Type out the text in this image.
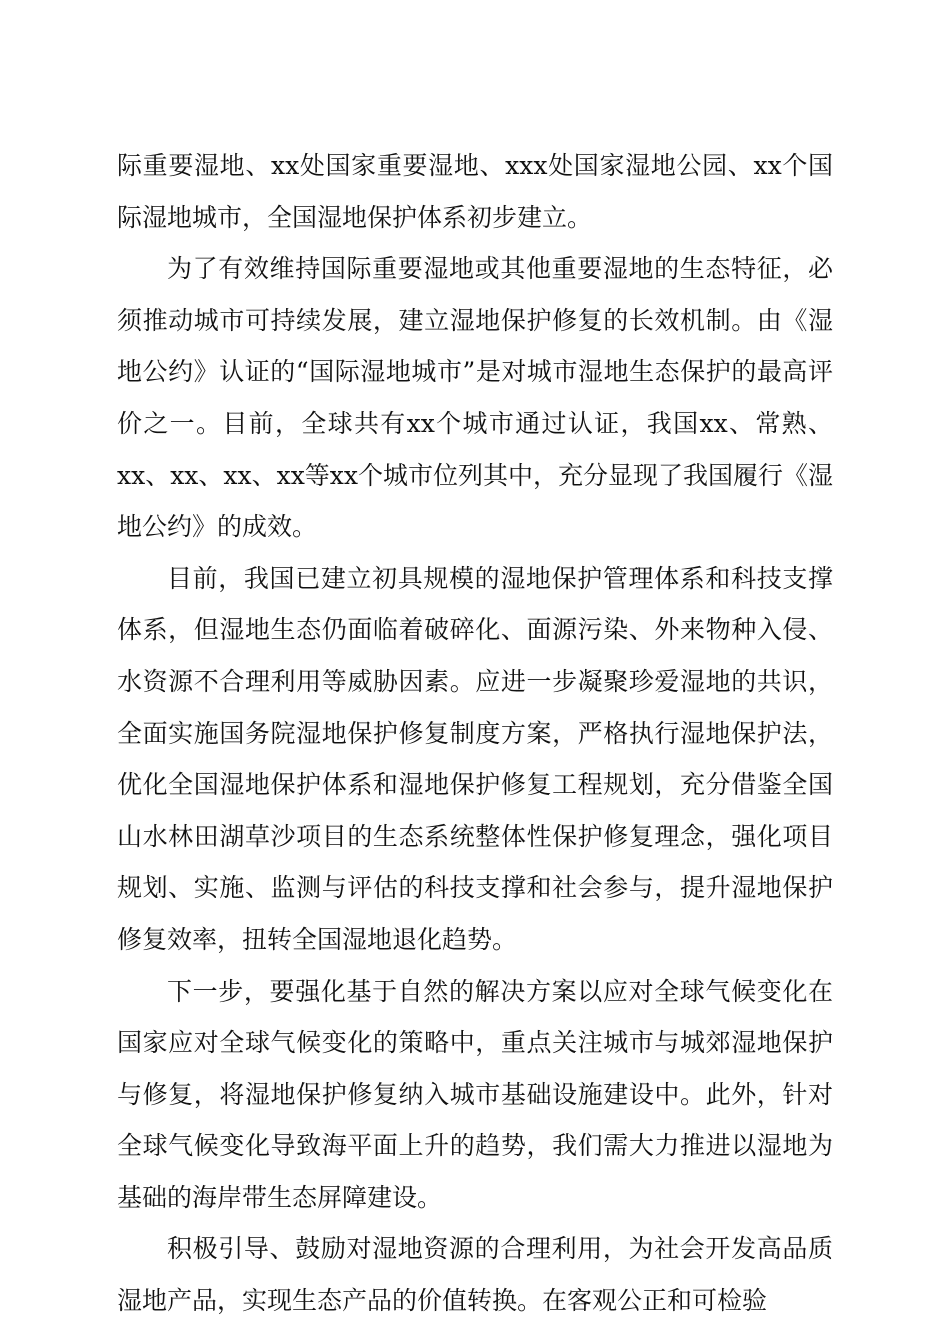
际重要湿地、xx处国家重要湿地、xxx处国家湿地公园、xx个国际湿地城市，全国湿地保护体系初步建立。

为了有效维持国际重要湿地或其他重要湿地的生态特征，必须推动城市可持续发展，建立湿地保护修复的长效机制。由《湿地公约》认证的“国际湿地城市”是对城市湿地生态保护的最高评价之一。目前，全球共有xx个城市通过认证，我国xx、常熟、xx、xx、xx、xx等xx个城市位列其中，充分显现了我国履行《湿地公约》的成效。

目前，我国已建立初具规模的湿地保护管理体系和科技支撑体系，但湿地生态仍面临着破碎化、面源污染、外来物种入侵、水资源不合理利用等威胁因素。应进一步凝聚珍爱湿地的共识，全面实施国务院湿地保护修复制度方案，严格执行湿地保护法，优化全国湿地保护体系和湿地保护修复工程规划，充分借鉴全国山水林田湖草沙项目的生态系统整体性保护修复理念，强化项目规划、实施、监测与评估的科技支撑和社会参与，提升湿地保护修复效率，扭转全国湿地退化趋势。

下一步，要强化基于自然的解决方案以应对全球气候变化在国家应对全球气候变化的策略中，重点关注城市与城郊湿地保护与修复，将湿地保护修复纳入城市基础设施建设中。此外，针对全球气候变化导致海平面上升的趋势，我们需大力推进以湿地为基础的海岸带生态屏障建设。

积极引导、鼓励对湿地资源的合理利用，为社会开发高品质湿地产品，实现生态产品的价值转换。在客观公正和可检验
